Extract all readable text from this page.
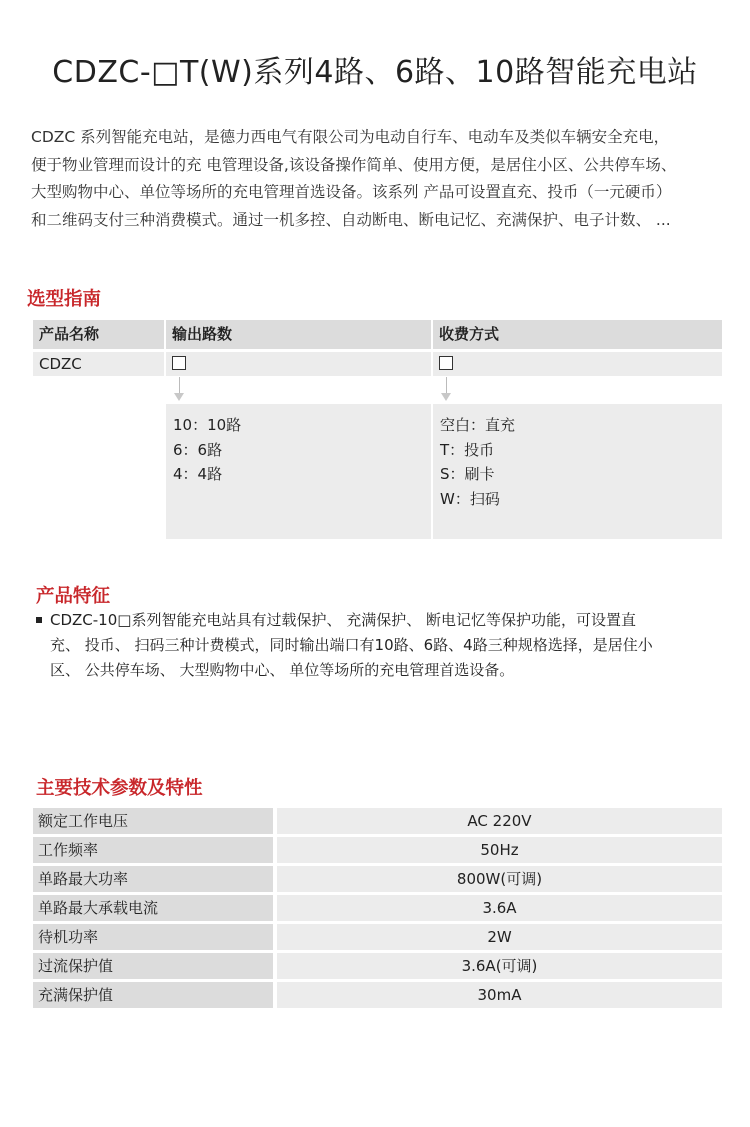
CDZC-□T(W)系列4路、6路、10路智能充电站
CDZC 系列智能充电站，是德力西电气有限公司为电动自行车、电动车及类似车辆安全充电，
便于物业管理而设计的充 电管理设备,该设备操作简单、使用方便，是居住小区、公共停车场、
大型购物中心、单位等场所的充电管理首选设备。该系列 产品可设置直充、投币（一元硬币）
和二维码支付三种消费模式。通过一机多控、自动断电、断电记忆、充满保护、电子计数、 ...
选型指南
产品名称	输出路数	收费方式
CDZC
10：10路
6：6路
4：4路
空白：直充
T：投币
S：刷卡
W：扫码
产品特征
CDZC-10□系列智能充电站具有过载保护、 充满保护、 断电记忆等保护功能，可设置直
充、 投币、 扫码三种计费模式，同时输出端口有10路、6路、4路三种规格选择，是居住小
区、 公共停车场、 大型购物中心、 单位等场所的充电管理首选设备。
主要技术参数及特性
额定工作电压	AC 220V
工作频率	50Hz
单路最大功率	800W(可调)
单路最大承载电流	3.6A
待机功率	2W
过流保护值	3.6A(可调)
充满保护值	30mA
